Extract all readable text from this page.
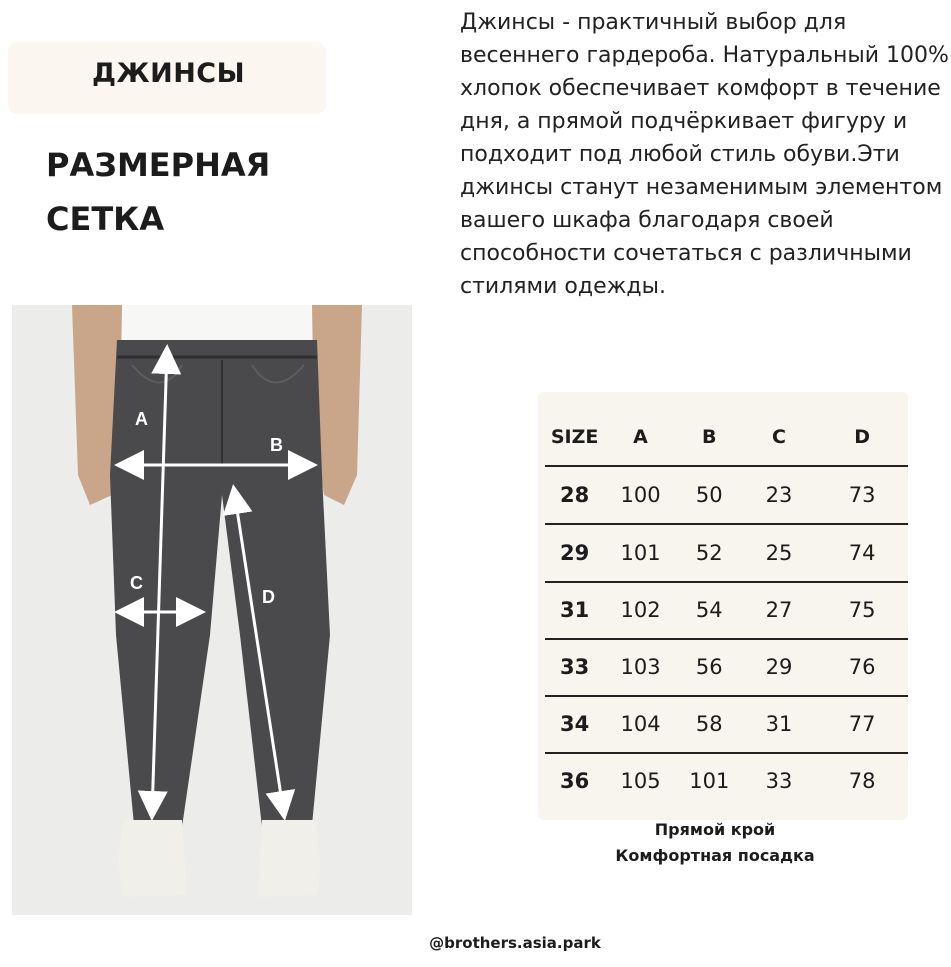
ДЖИНСЫ
РАЗМЕРНАЯ
СЕТКА
Джинсы - практичный выбор для весеннего гардероба. Натуральный 100% хлопок обеспечивает комфорт в течение дня, а прямой подчёркивает фигуру и подходит под любой стиль обуви.Эти джинсы станут незаменимым элементом вашего шкафа благодаря своей способности сочетаться с различными стилями одежды.
A
B
C
D
SIZE	A	B	C	D
28	100	50	23	73
29	101	52	25	74
31	102	54	27	75
33	103	56	29	76
34	104	58	31	77
36	105	101	33	78
Прямой крой
Комфортная посадка
@brothers.asia.park
